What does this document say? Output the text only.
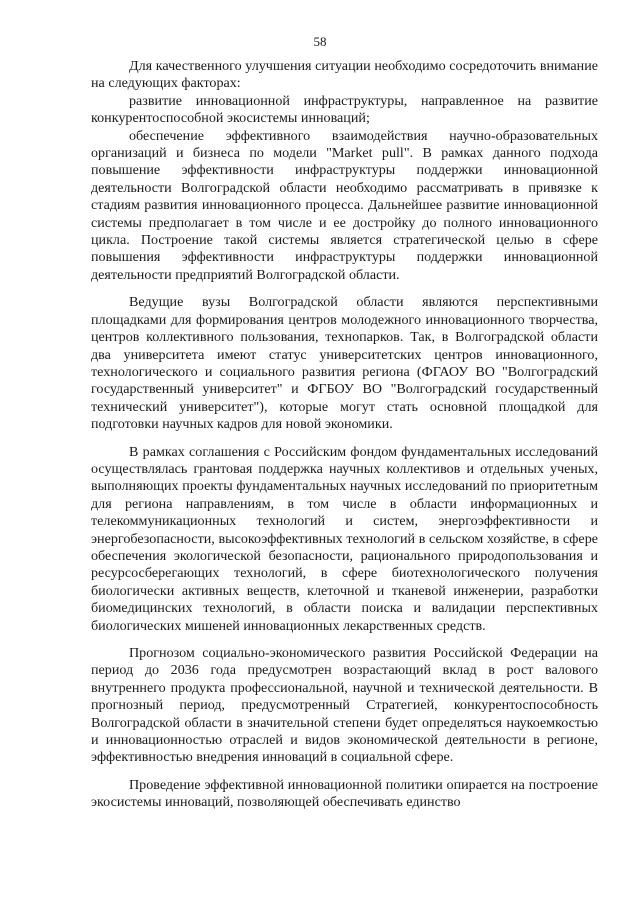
58

Для качественного улучшения ситуации необходимо сосредоточить внимание на следующих факторах:

развитие инновационной инфраструктуры, направленное на развитие конкурентоспособной экосистемы инноваций;

обеспечение эффективного взаимодействия научно-образовательных организаций и бизнеса по модели "Market pull". В рамках данного подхода повышение эффективности инфраструктуры поддержки инновационной деятельности Волгоградской области необходимо рассматривать в привязке к стадиям развития инновационного процесса. Дальнейшее развитие инновационной системы предполагает в том числе и ее достройку до полного инновационного цикла. Построение такой системы является стратегической целью в сфере повышения эффективности инфраструктуры поддержки инновационной деятельности предприятий Волгоградской области.

Ведущие вузы Волгоградской области являются перспективными площадками для формирования центров молодежного инновационного творчества, центров коллективного пользования, технопарков. Так, в Волгоградской области два университета имеют статус университетских центров инновационного, технологического и социального развития региона (ФГАОУ ВО "Волгоградский государственный университет" и ФГБОУ ВО "Волгоградский государственный технический университет"), которые могут стать основной площадкой для подготовки научных кадров для новой экономики.

В рамках соглашения с Российским фондом фундаментальных исследований осуществлялась грантовая поддержка научных коллективов и отдельных ученых, выполняющих проекты фундаментальных научных исследований по приоритетным для региона направлениям, в том числе в области информационных и телекоммуникационных технологий и систем, энергоэффективности и энергобезопасности, высокоэффективных технологий в сельском хозяйстве, в сфере обеспечения экологической безопасности, рационального природопользования и ресурсосберегающих технологий, в сфере биотехнологического получения биологически активных веществ, клеточной и тканевой инженерии, разработки биомедицинских технологий, в области поиска и валидации перспективных биологических мишеней инновационных лекарственных средств.

Прогнозом социально-экономического развития Российской Федерации на период до 2036 года предусмотрен возрастающий вклад в рост валового внутреннего продукта профессиональной, научной и технической деятельности. В прогнозный период, предусмотренный Стратегией, конкурентоспособность Волгоградской области в значительной степени будет определяться наукоемкостью и инновационностью отраслей и видов экономической деятельности в регионе, эффективностью внедрения инноваций в социальной сфере.

Проведение эффективной инновационной политики опирается на построение экосистемы инноваций, позволяющей обеспечивать единство
